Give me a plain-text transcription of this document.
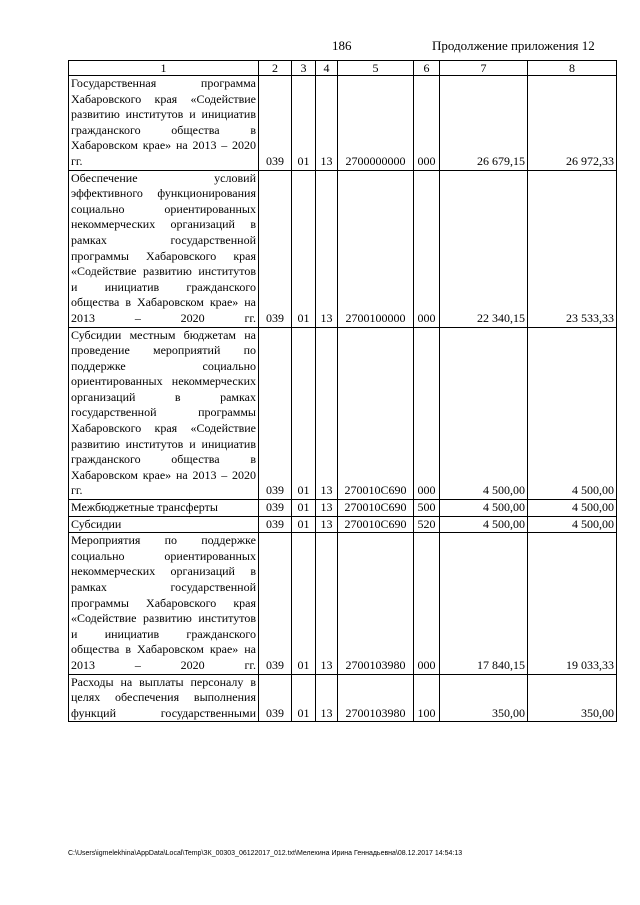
186	Продолжение приложения 12
1	2	3	4	5	6	7	8
Государственная программа Хабаровского края «Содействие развитию институтов и инициатив гражданского общества в Хабаровском крае» на 2013 – 2020 гг.	039	01	13	2700000000	000	26 679,15	26 972,33
Обеспечение условий эффективного функционирования социально ориентированных некоммерческих организаций в рамках государственной программы Хабаровского края «Содействие развитию институтов и инициатив гражданского общества в Хабаровском крае» на 2013 – 2020 гг.	039	01	13	2700100000	000	22 340,15	23 533,33
Субсидии местным бюджетам на проведение мероприятий по поддержке социально ориентированных некоммерческих организаций в рамках государственной программы Хабаровского края «Содействие развитию институтов и инициатив гражданского общества в Хабаровском крае» на 2013 – 2020 гг.	039	01	13	270010С690	000	4 500,00	4 500,00
Межбюджетные трансферты	039	01	13	270010С690	500	4 500,00	4 500,00
Субсидии	039	01	13	270010С690	520	4 500,00	4 500,00
Мероприятия по поддержке социально ориентированных некоммерческих организаций в рамках государственной программы Хабаровского края «Содействие развитию институтов и инициатив гражданского общества в Хабаровском крае» на 2013 – 2020 гг.	039	01	13	2700103980	000	17 840,15	19 033,33
Расходы на выплаты персоналу в целях обеспечения выполнения функций государственными	039	01	13	2700103980	100	350,00	350,00
C:\Users\igmelekhina\AppData\Local\Temp\ЗК_00303_06122017_012.txt\Мелехина Ирина Геннадьевна\08.12.2017 14:54:13
